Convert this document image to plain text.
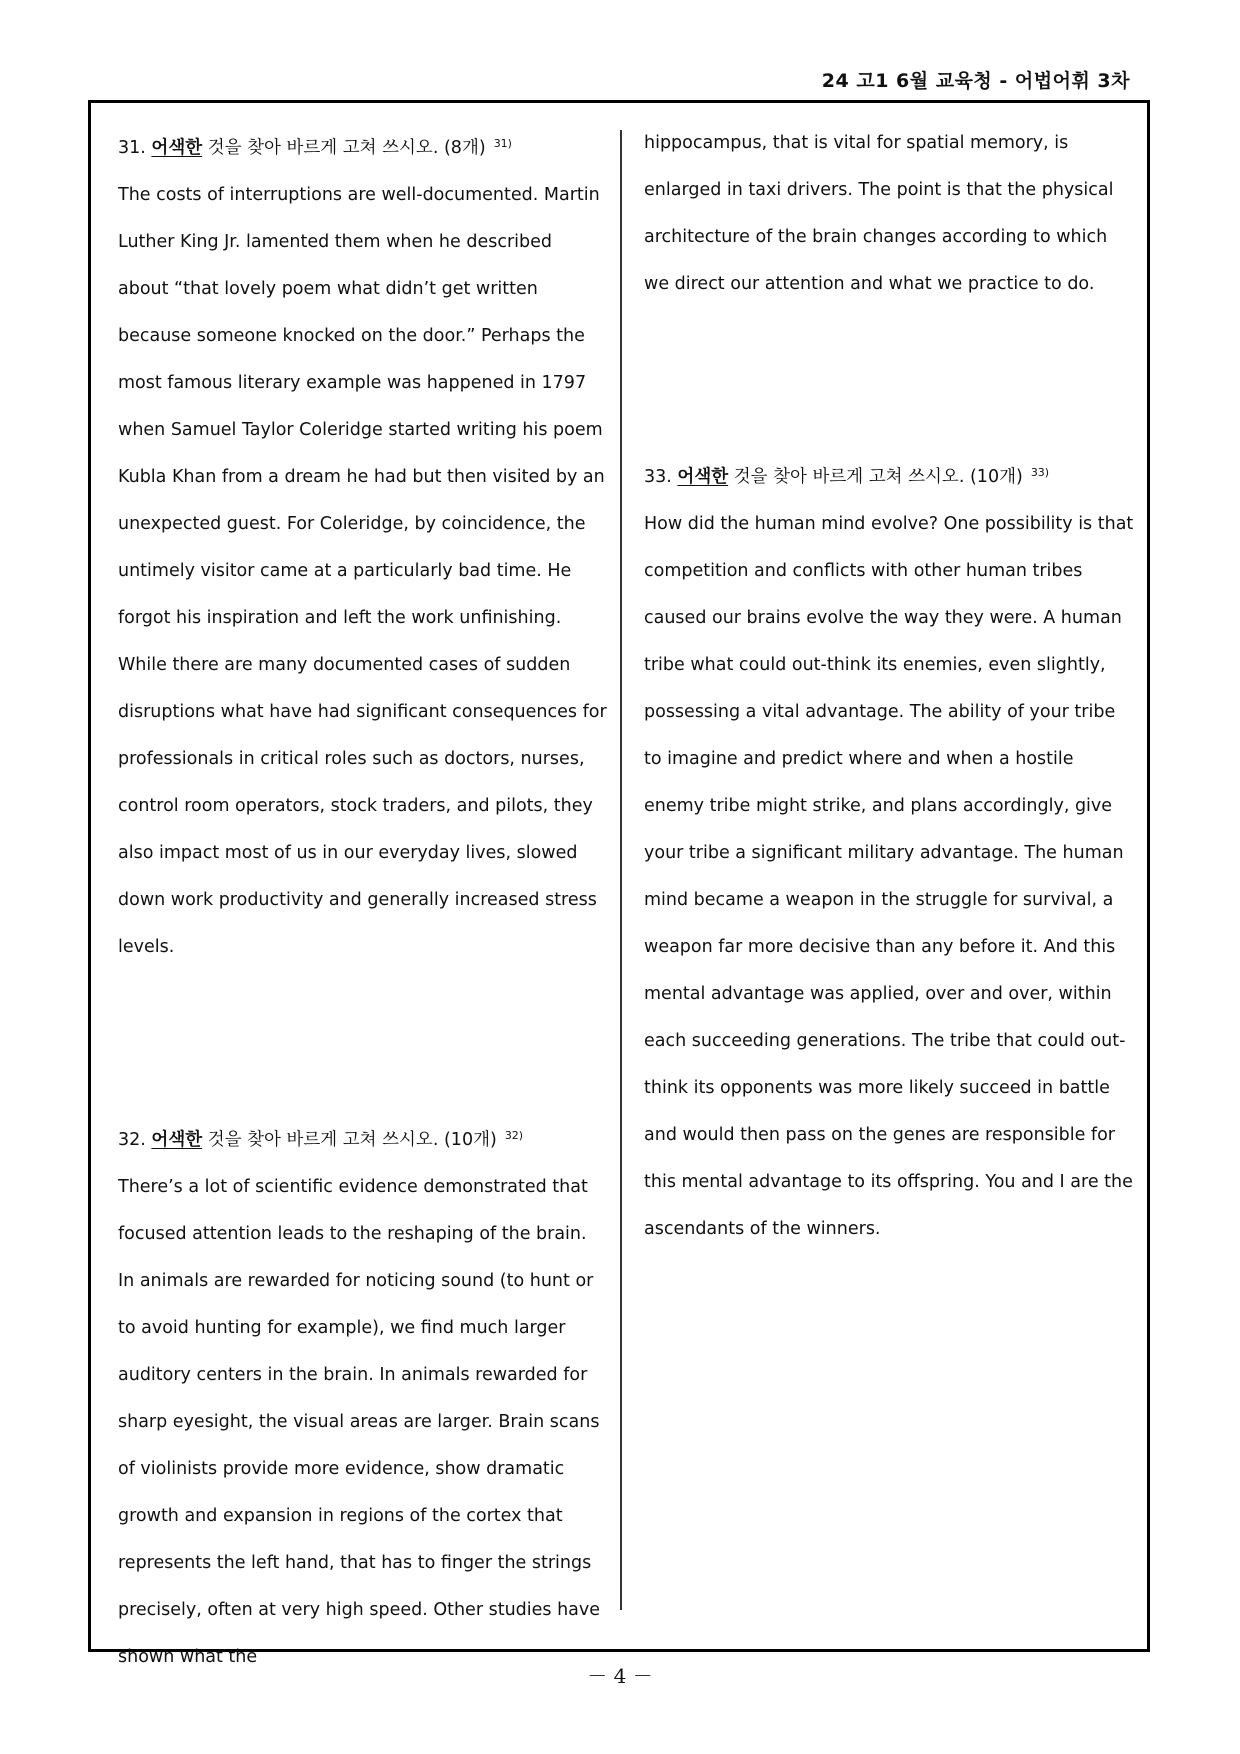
24 고1 6월 교육청 - 어법어휘 3차
31. 어색한 것을 찾아 바르게 고쳐 쓰시오. (8개) $^{31)}$
The costs of interruptions are well-documented. Martin Luther King Jr. lamented them when he described about “that lovely poem what didn’t get written because someone knocked on the door.” Perhaps the most famous literary example was happened in 1797 when Samuel Taylor Coleridge started writing his poem Kubla Khan from a dream he had but then visited by an unexpected guest. For Coleridge, by coincidence, the untimely visitor came at a particularly bad time. He forgot his inspiration and left the work unfinishing. While there are many documented cases of sudden disruptions what have had significant consequences for professionals in critical roles such as doctors, nurses, control room operators, stock traders, and pilots, they also impact most of us in our everyday lives, slowed down work productivity and generally increased stress levels.
32. 어색한 것을 찾아 바르게 고쳐 쓰시오. (10개) $^{32)}$
There’s a lot of scientific evidence demonstrated that focused attention leads to the reshaping of the brain. In animals are rewarded for noticing sound (to hunt or to avoid hunting for example), we find much larger auditory centers in the brain. In animals rewarded for sharp eyesight, the visual areas are larger. Brain scans of violinists provide more evidence, show dramatic growth and expansion in regions of the cortex that represents the left hand, that has to finger the strings precisely, often at very high speed. Other studies have shown what the
hippocampus, that is vital for spatial memory, is enlarged in taxi drivers. The point is that the physical architecture of the brain changes according to which we direct our attention and what we practice to do.
33. 어색한 것을 찾아 바르게 고쳐 쓰시오. (10개) $^{33)}$
How did the human mind evolve? One possibility is that competition and conflicts with other human tribes caused our brains evolve the way they were. A human tribe what could out-think its enemies, even slightly, possessing a vital advantage. The ability of your tribe to imagine and predict where and when a hostile enemy tribe might strike, and plans accordingly, give your tribe a significant military advantage. The human mind became a weapon in the struggle for survival, a weapon far more decisive than any before it. And this mental advantage was applied, over and over, within each succeeding generations. The tribe that could out-think its opponents was more likely succeed in battle and would then pass on the genes are responsible for this mental advantage to its offspring. You and I are the ascendants of the winners.
－ 4 －
